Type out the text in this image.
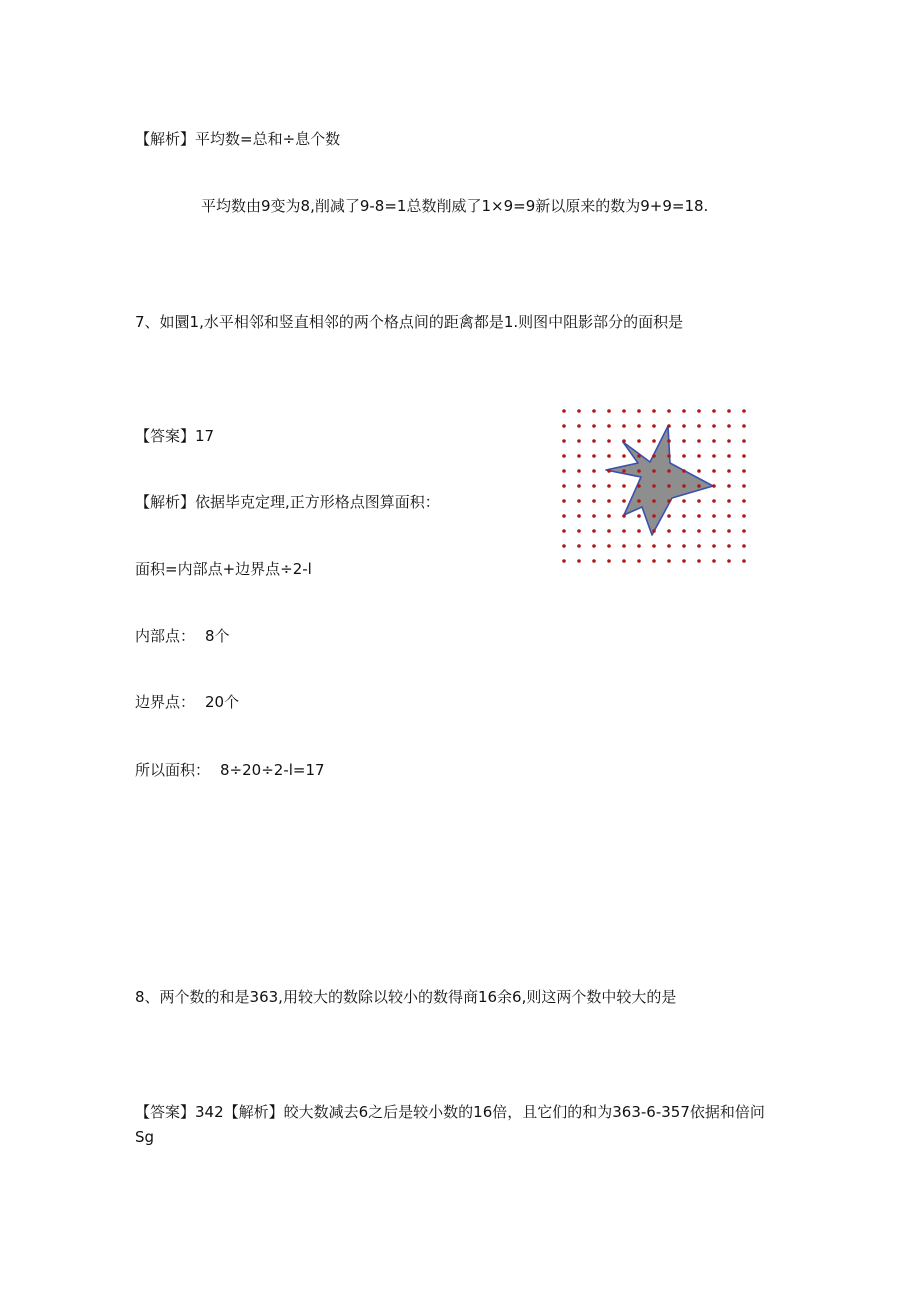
【解析】平均数=总和÷息个数
平均数由9变为8,削减了9-8=1总数削威了1×9=9新以原来的数为9+9=18.
7、如圜1,水平相邻和竖直相邻的两个格点间的距禽都是1.则图中阻影部分的面积是
【答案】17
【解析】依据毕克定理,正方形格点图算面积：
面积=内部点+边界点÷2-l
内部点： 8个
边界点： 20个
所以面积： 8÷20÷2-l=17
8、两个数的和是363,用较大的数除以较小的数得商16余6,则这两个数中较大的是
【答案】342【解析】皎大数减去6之后是较小数的16倍，且它们的和为363-6-357依据和倍问
Sg
